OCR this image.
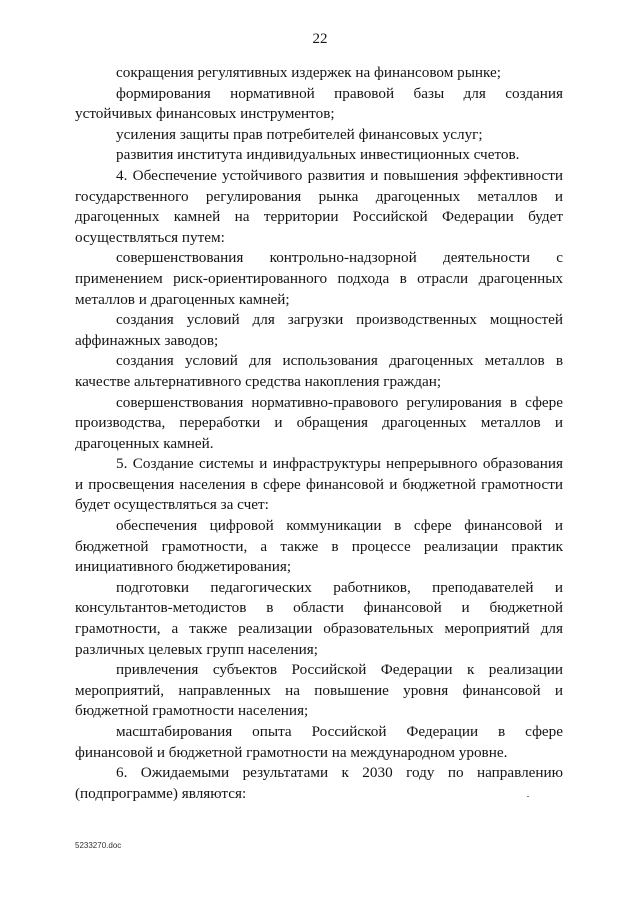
22

сокращения регулятивных издержек на финансовом рынке;

формирования нормативной правовой базы для создания устойчивых финансовых инструментов;

усиления защиты прав потребителей финансовых услуг;

развития института индивидуальных инвестиционных счетов.

4. Обеспечение устойчивого развития и повышения эффективности государственного регулирования рынка драгоценных металлов и драгоценных камней на территории Российской Федерации будет осуществляться путем:

совершенствования контрольно-надзорной деятельности с применением риск-ориентированного подхода в отрасли драгоценных металлов и драгоценных камней;

создания условий для загрузки производственных мощностей аффинажных заводов;

создания условий для использования драгоценных металлов в качестве альтернативного средства накопления граждан;

совершенствования нормативно-правового регулирования в сфере производства, переработки и обращения драгоценных металлов и драгоценных камней.

5. Создание системы и инфраструктуры непрерывного образования и просвещения населения в сфере финансовой и бюджетной грамотности будет осуществляться за счет:

обеспечения цифровой коммуникации в сфере финансовой и бюджетной грамотности, а также в процессе реализации практик инициативного бюджетирования;

подготовки педагогических работников, преподавателей и консультантов-методистов в области финансовой и бюджетной грамотности, а также реализации образовательных мероприятий для различных целевых групп населения;

привлечения субъектов Российской Федерации к реализации мероприятий, направленных на повышение уровня финансовой и бюджетной грамотности населения;

масштабирования опыта Российской Федерации в сфере финансовой и бюджетной грамотности на международном уровне.

6. Ожидаемыми результатами к 2030 году по направлению (подпрограмме) являются:

5233270.doc
